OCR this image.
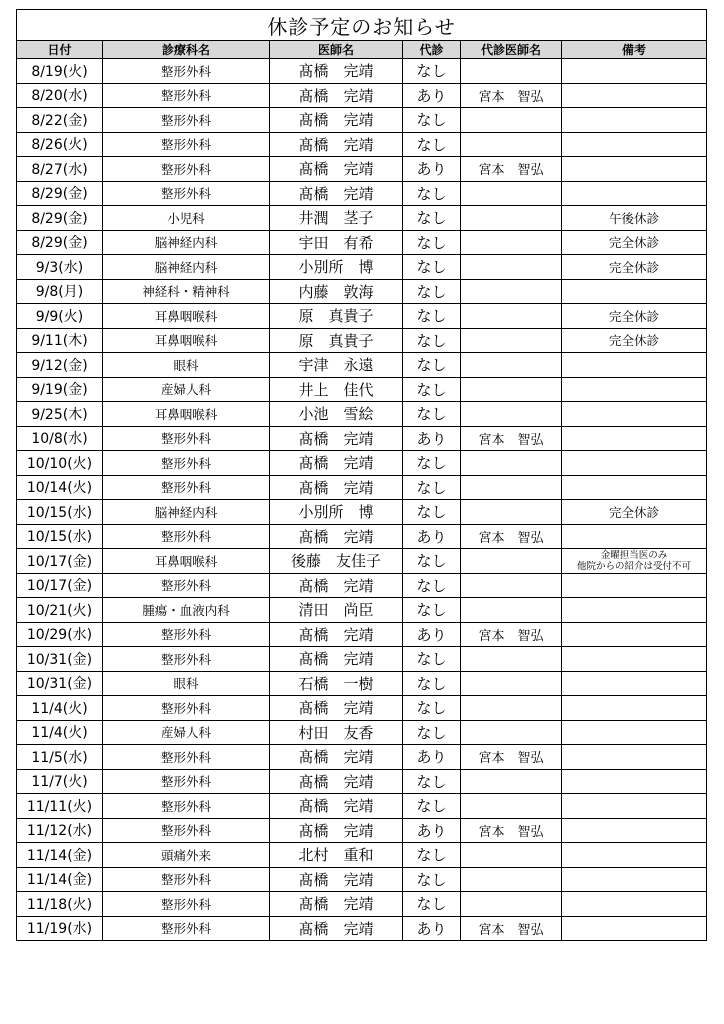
休診予定のお知らせ					
日付	診療科名	医師名	代診	代診医師名	備考
8/19(火)	整形外科	髙橋　完靖	なし		
8/20(水)	整形外科	髙橋　完靖	あり	宮本　智弘	
8/22(金)	整形外科	髙橋　完靖	なし		
8/26(火)	整形外科	髙橋　完靖	なし		
8/27(水)	整形外科	髙橋　完靖	あり	宮本　智弘	
8/29(金)	整形外科	髙橋　完靖	なし		
8/29(金)	小児科	井潤　茎子	なし		午後休診
8/29(金)	脳神経内科	宇田　有希	なし		完全休診
9/3(水)	脳神経内科	小別所　博	なし		完全休診
9/8(月)	神経科・精神科	内藤　敦海	なし		
9/9(火)	耳鼻咽喉科	原　真貴子	なし		完全休診
9/11(木)	耳鼻咽喉科	原　真貴子	なし		完全休診
9/12(金)	眼科	宇津　永遠	なし		
9/19(金)	産婦人科	井上　佳代	なし		
9/25(木)	耳鼻咽喉科	小池　雪絵	なし		
10/8(水)	整形外科	髙橋　完靖	あり	宮本　智弘	
10/10(火)	整形外科	髙橋　完靖	なし		
10/14(火)	整形外科	髙橋　完靖	なし		
10/15(水)	脳神経内科	小別所　博	なし		完全休診
10/15(水)	整形外科	髙橋　完靖	あり	宮本　智弘	
10/17(金)	耳鼻咽喉科	後藤　友佳子	なし		金曜担当医のみ
他院からの紹介は受付不可

10/17(金)	整形外科	髙橋　完靖	なし		
10/21(火)	腫瘍・血液内科	清田　尚臣	なし		
10/29(水)	整形外科	髙橋　完靖	あり	宮本　智弘	
10/31(金)	整形外科	髙橋　完靖	なし		
10/31(金)	眼科	石橋　一樹	なし		
11/4(火)	整形外科	髙橋　完靖	なし		
11/4(火)	産婦人科	村田　友香	なし		
11/5(水)	整形外科	髙橋　完靖	あり	宮本　智弘	
11/7(火)	整形外科	髙橋　完靖	なし		
11/11(火)	整形外科	髙橋　完靖	なし		
11/12(水)	整形外科	髙橋　完靖	あり	宮本　智弘	
11/14(金)	頭痛外来	北村　重和	なし		
11/14(金)	整形外科	髙橋　完靖	なし		
11/18(火)	整形外科	髙橋　完靖	なし		
11/19(水)	整形外科	髙橋　完靖	あり	宮本　智弘	
